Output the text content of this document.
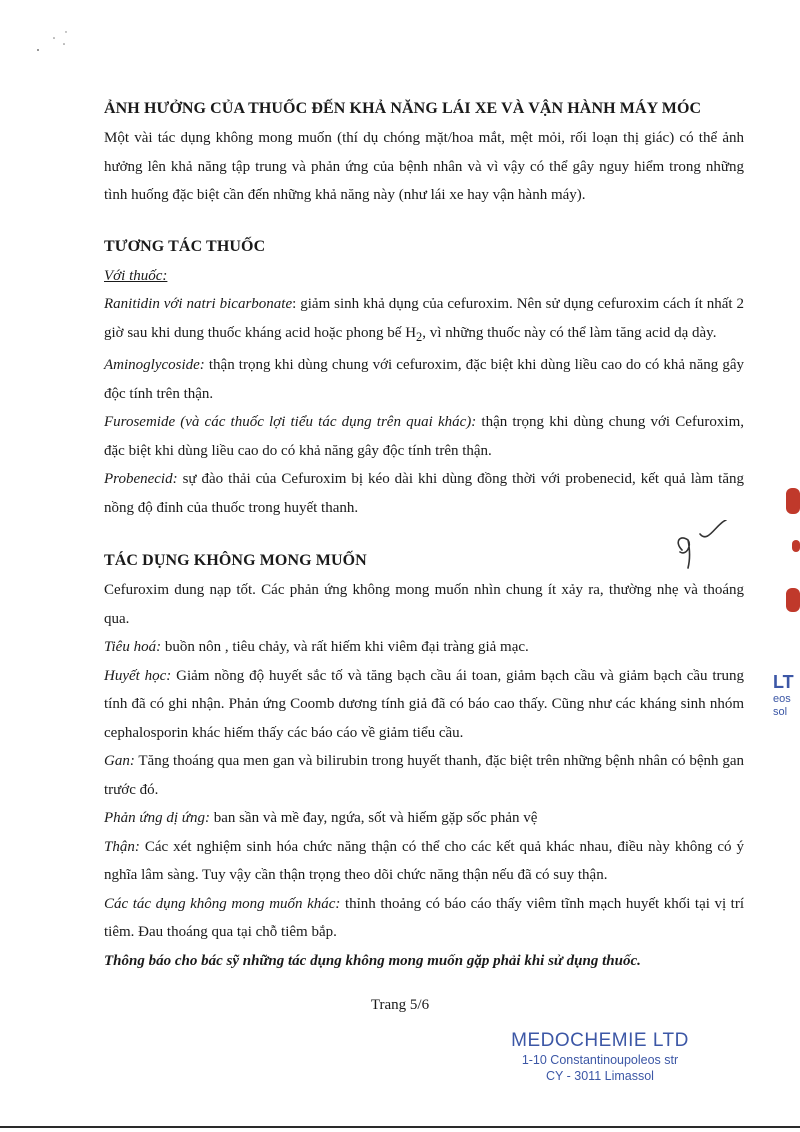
ẢNH HƯỞNG CỦA THUỐC ĐẾN KHẢ NĂNG LÁI XE VÀ VẬN HÀNH MÁY MÓC

Một vài tác dụng không mong muốn (thí dụ chóng mặt/hoa mắt, mệt mỏi, rối loạn thị giác) có thể ảnh hưởng lên khả năng tập trung và phản ứng của bệnh nhân và vì vậy có thể gây nguy hiểm trong những tình huống đặc biệt cần đến những khả năng này (như lái xe hay vận hành máy).

TƯƠNG TÁC THUỐC

Với thuốc:

Ranitidin với natri bicarbonate: giảm sinh khả dụng của cefuroxim. Nên sử dụng cefuroxim cách ít nhất 2 giờ sau khi dung thuốc kháng acid hoặc phong bế $H_2$, vì những thuốc này có thể làm tăng acid dạ dày.

Aminoglycoside: thận trọng khi dùng chung với cefuroxim, đặc biệt khi dùng liều cao do có khả năng gây độc tính trên thận.

Furosemide (và các thuốc lợi tiểu tác dụng trên quai khác): thận trọng khi dùng chung với Cefuroxim, đặc biệt khi dùng liều cao do có khả năng gây độc tính trên thận.

Probenecid: sự đào thải của Cefuroxim bị kéo dài khi dùng đồng thời với probenecid, kết quả làm tăng nồng độ đỉnh của thuốc trong huyết thanh.

TÁC DỤNG KHÔNG MONG MUỐN

Cefuroxim dung nạp tốt. Các phản ứng không mong muốn nhìn chung ít xảy ra, thường nhẹ và thoáng qua.

Tiêu hoá: buồn nôn , tiêu chảy, và rất hiếm khi viêm đại tràng giả mạc.

Huyết học: Giảm nồng độ huyết sắc tố và tăng bạch cầu ái toan, giảm bạch cầu và giảm bạch cầu trung tính đã có ghi nhận. Phản ứng Coomb dương tính giả đã có báo cao thấy. Cũng như các kháng sinh nhóm cephalosporin khác hiếm thấy các báo cáo về giảm tiểu cầu.

Gan: Tăng thoáng qua men gan và bilirubin trong huyết thanh, đặc biệt trên những bệnh nhân có bệnh gan trước đó.

Phản ứng dị ứng: ban sần và mề đay, ngứa, sốt và hiếm gặp sốc phản vệ

Thận: Các xét nghiệm sinh hóa chức năng thận có thể cho các kết quả khác nhau, điều này không có ý nghĩa lâm sàng. Tuy vậy cần thận trọng theo dõi chức năng thận nếu đã có suy thận.

Các tác dụng không mong muốn khác: thỉnh thoảng có báo cáo thấy viêm tĩnh mạch huyết khối tại vị trí tiêm. Đau thoáng qua tại chỗ tiêm bắp.

Thông báo cho bác sỹ những tác dụng không mong muốn gặp phải khi sử dụng thuốc.

LT
eos
sol
Trang 5/6
MEDOCHEMIE LTD
1-10 Constantinoupoleos str
CY - 3011 Limassol
